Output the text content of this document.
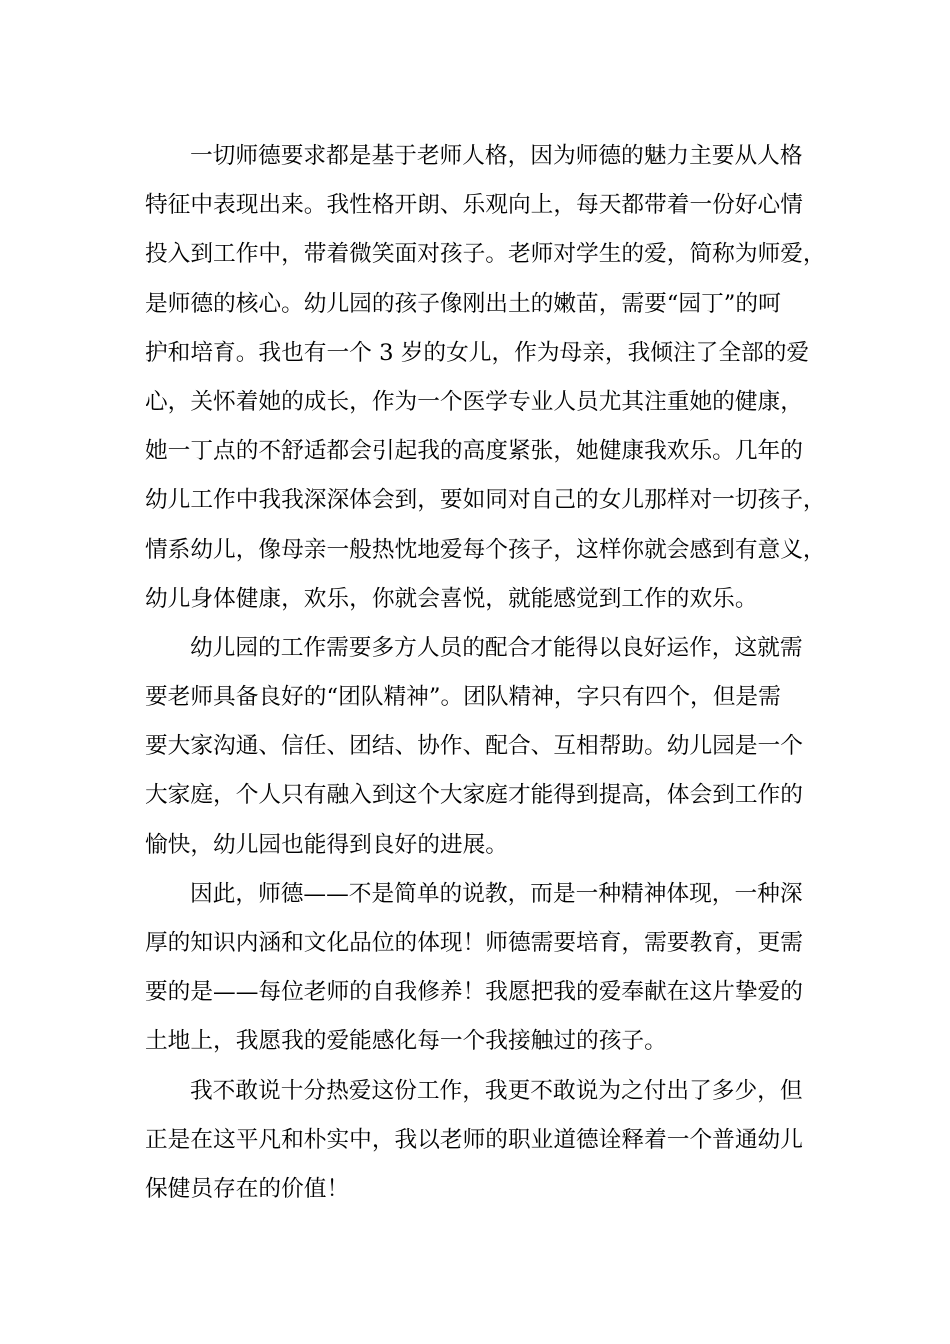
一切师德要求都是基于老师人格，因为师德的魅力主要从人格
特征中表现出来。我性格开朗、乐观向上，每天都带着一份好心情
投入到工作中，带着微笑面对孩子。老师对学生的爱，简称为师爱，
是师德的核心。幼儿园的孩子像刚出土的嫩苗，需要“园丁”的呵
护和培育。我也有一个 3 岁的女儿，作为母亲，我倾注了全部的爱
心，关怀着她的成长，作为一个医学专业人员尤其注重她的健康，
她一丁点的不舒适都会引起我的高度紧张，她健康我欢乐。几年的
幼儿工作中我我深深体会到，要如同对自己的女儿那样对一切孩子，
情系幼儿，像母亲一般热忱地爱每个孩子，这样你就会感到有意义，
幼儿身体健康，欢乐，你就会喜悦，就能感觉到工作的欢乐。

幼儿园的工作需要多方人员的配合才能得以良好运作，这就需
要老师具备良好的“团队精神”。团队精神，字只有四个，但是需
要大家沟通、信任、团结、协作、配合、互相帮助。幼儿园是一个
大家庭，个人只有融入到这个大家庭才能得到提高，体会到工作的
愉快，幼儿园也能得到良好的进展。

因此，师德——不是简单的说教，而是一种精神体现，一种深
厚的知识内涵和文化品位的体现！师德需要培育，需要教育，更需
要的是——每位老师的自我修养！我愿把我的爱奉献在这片挚爱的
土地上，我愿我的爱能感化每一个我接触过的孩子。

我不敢说十分热爱这份工作，我更不敢说为之付出了多少，但
正是在这平凡和朴实中，我以老师的职业道德诠释着一个普通幼儿
保健员存在的价值！
